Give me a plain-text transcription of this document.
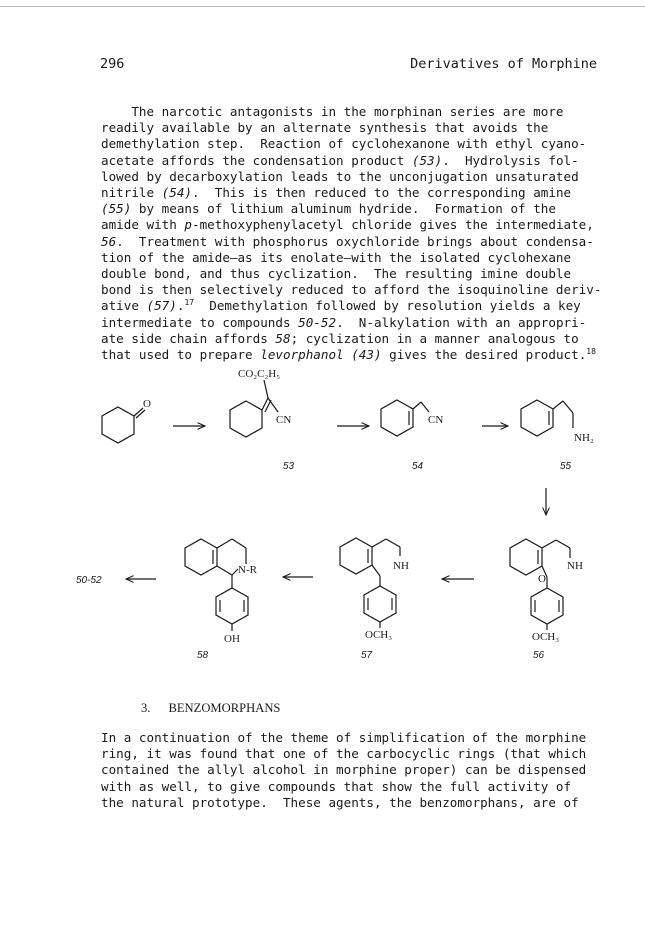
296	Derivatives of Morphine
The narcotic antagonists in the morphinan series are more
readily available by an alternate synthesis that avoids the
demethylation step.  Reaction of cyclohexanone with ethyl cyano-
acetate affords the condensation product (53).  Hydrolysis fol-
lowed by decarboxylation leads to the unconjugation unsaturated
nitrile (54).  This is then reduced to the corresponding amine
(55) by means of lithium aluminum hydride.  Formation of the
amide with p-methoxyphenylacetyl chloride gives the intermediate,
56.  Treatment with phosphorus oxychloride brings about condensa-
tion of the amide—as its enolate—with the isolated cyclohexane
double bond, and thus cyclization.  The resulting imine double
bond is then selectively reduced to afford the isoquinoline deriv-
ative (57).$^{17}$  Demethylation followed by resolution yields a key
intermediate to compounds 50-52.  N-alkylation with an appropri-
ate side chain affords 58; cyclization in a manner analogous to
that used to prepare levorphanol (43) gives the desired product.$^{18}$
O
CO₂C₂H₅
CN
53
CN
54
NH₂
55
NH
O
OCH₃
56
NH
OCH₃
57
N-R
OH
58
50-52
3. BENZOMORPHANS
In a continuation of the theme of simplification of the morphine
ring, it was found that one of the carbocyclic rings (that which
contained the allyl alcohol in morphine proper) can be dispensed
with as well, to give compounds that show the full activity of
the natural prototype.  These agents, the benzomorphans, are of
